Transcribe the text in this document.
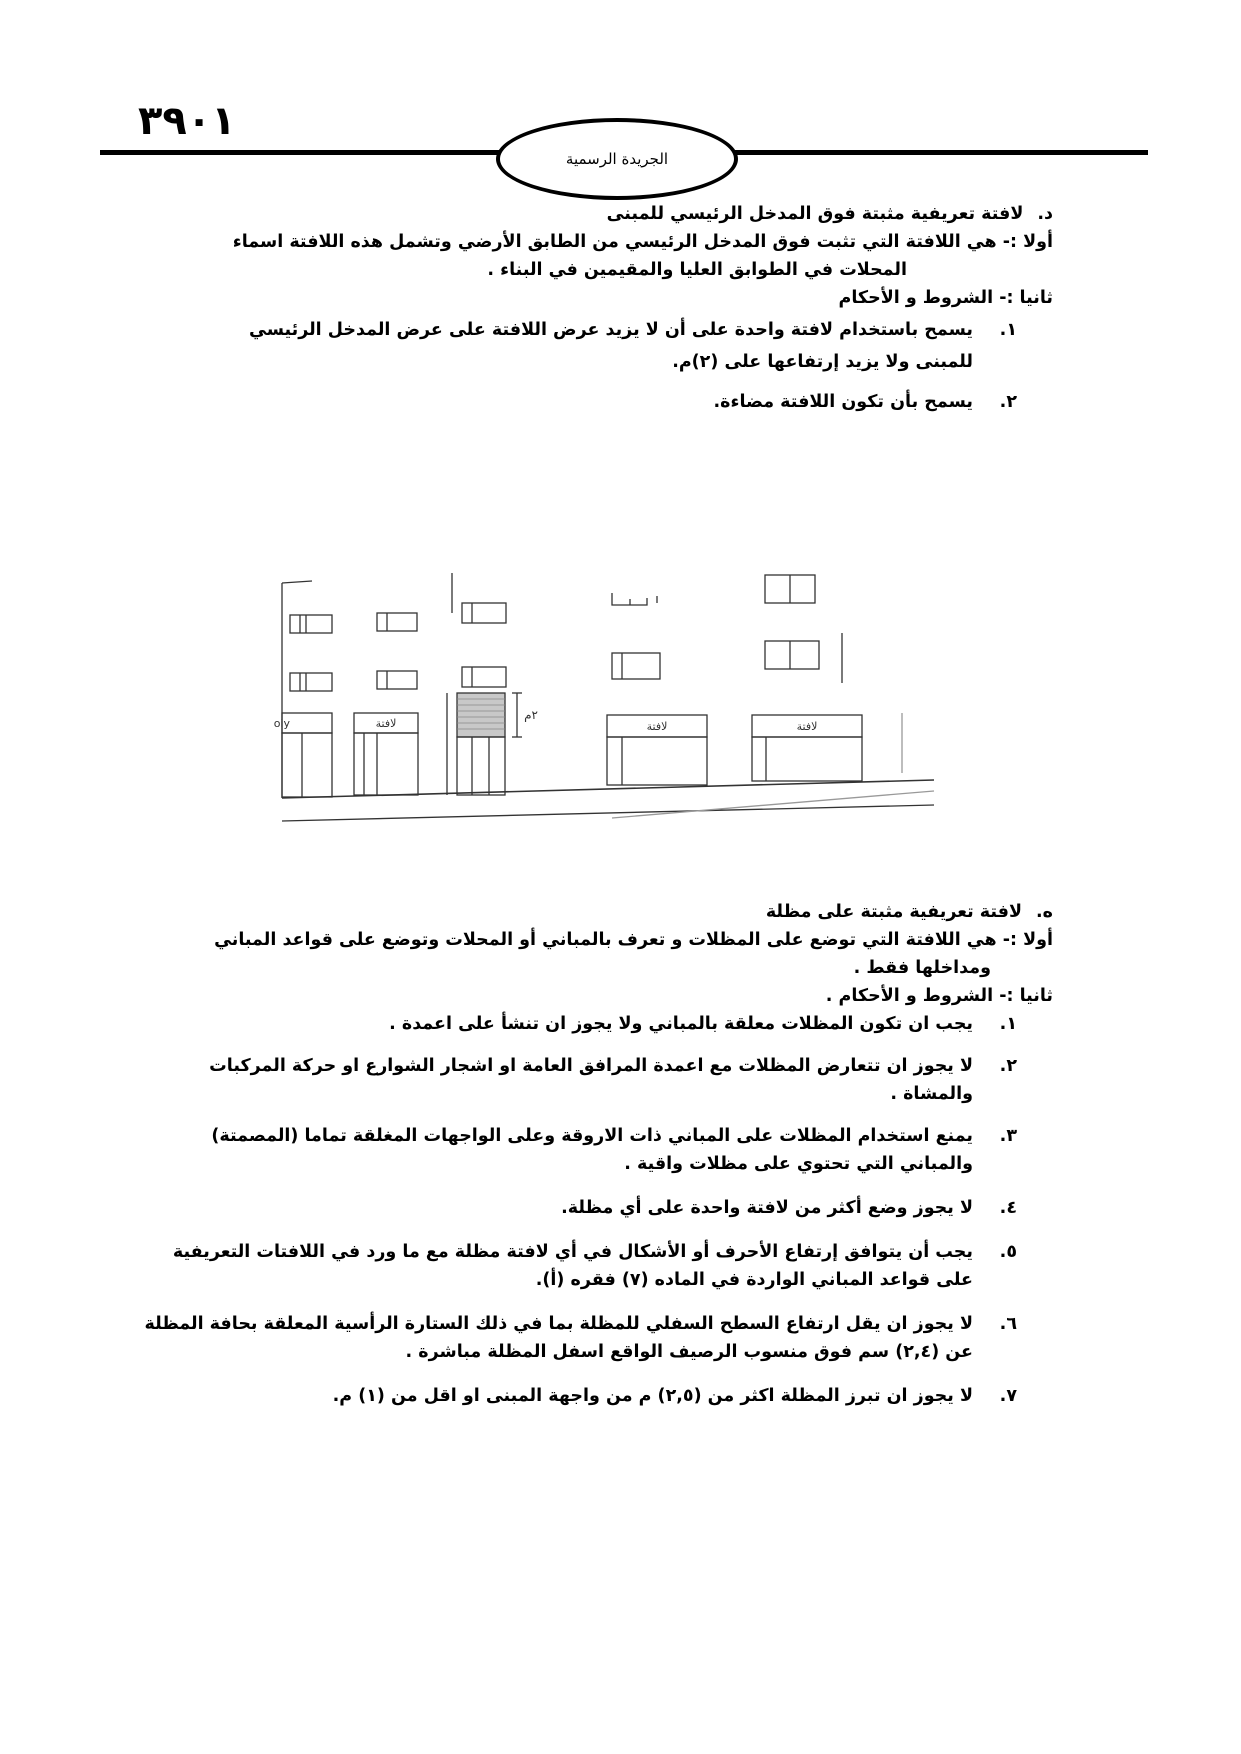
٣٩٠١
الجريدة الرسمية
د.
لافتة تعريفية مثبتة فوق المدخل الرئيسي للمبنى

أولا :- هي اللافتة التي تثبت فوق المدخل الرئيسي من الطابق الأرضي وتشمل هذه اللافتة اسماء

المحلات في الطوابق العليا والمقيمين في البناء .

ثانيا :- الشروط و الأحكام

١.

يسمح باستخدام لافتة واحدة على أن لا يزيد عرض اللافتة على عرض المدخل الرئيسي

للمبنى ولا يزيد إرتفاعها على (٢)م.

٢.

يسمح بأن تكون اللافتة مضاءة.

oiy	لافتة	لافتة	لافتة
٢م
ه.
لافتة تعريفية مثبتة على مظلة

أولا :- هي اللافتة التي توضع على المظلات و تعرف بالمباني أو المحلات وتوضع على قواعد المباني

ومداخلها فقط .

ثانيا :- الشروط و الأحكام .

١.

يجب ان تكون المظلات معلقة بالمباني ولا يجوز ان تنشأ على اعمدة .

٢.

لا يجوز ان تتعارض المظلات مع اعمدة المرافق العامة او اشجار الشوارع او حركة المركبات

والمشاة .

٣.

يمنع استخدام المظلات على المباني ذات الاروقة وعلى الواجهات المغلقة تماما (المصمتة)

والمباني التي تحتوي على مظلات واقية .

٤.

لا يجوز وضع أكثر من لافتة واحدة على أي مظلة.

٥.

يجب أن يتوافق إرتفاع الأحرف أو الأشكال في أي لافتة مظلة مع ما ورد في اللافتات التعريفية

على قواعد المباني الواردة في الماده (٧) فقره (أ).

٦.

لا يجوز ان يقل ارتفاع السطح السفلي للمظلة بما في ذلك الستارة الرأسية المعلقة بحافة المظلة

عن (٢,٤) سم فوق منسوب الرصيف الواقع اسفل المظلة مباشرة .

٧.

لا يجوز ان تبرز المظلة اكثر من (٢,٥) م من واجهة المبنى او اقل من (١) م.
